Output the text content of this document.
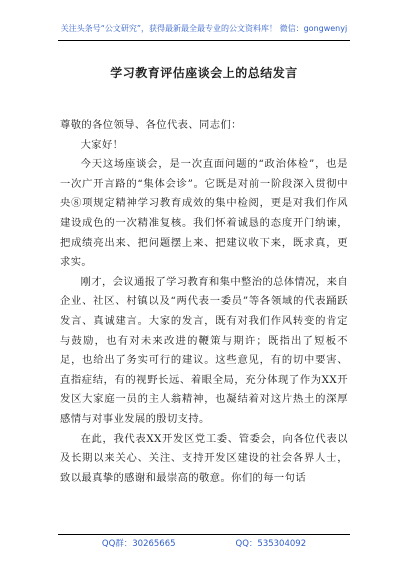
关注头条号“公文研究”，获得最新最全最专业的公文资料库！ 微信：gongwenyj
学习教育评估座谈会上的总结发言

尊敬的各位领导、各位代表、同志们：

大家好！

今天这场座谈会，是一次直面问题的“政治体检”，也是一次广开言路的“集体会诊”。它既是对前一阶段深入贯彻中央⑧项规定精神学习教育成效的集中检阅，更是对我们作风建设成色的一次精准复核。我们怀着诚恳的态度开门纳谏，把成绩亮出来、把问题摆上来、把建议收下来，既求真，更求实。

刚才，会议通报了学习教育和集中整治的总体情况，来自企业、社区、村镇以及“两代表一委员”等各领域的代表踊跃发言、真诚建言。大家的发言，既有对我们作风转变的肯定与鼓励，也有对未来改进的鞭策与期许；既指出了短板不足，也给出了务实可行的建议。这些意见，有的切中要害、直指症结，有的视野长远、着眼全局，充分体现了作为XX开发区大家庭一员的主人翁精神，也凝结着对这片热土的深厚感情与对事业发展的殷切支持。

在此，我代表XX开发区党工委、管委会，向各位代表以及长期以来关心、关注、支持开发区建设的社会各界人士，致以最真挚的感谢和最崇高的敬意。你们的每一句话

QQ群：30265665	QQ：535304092
